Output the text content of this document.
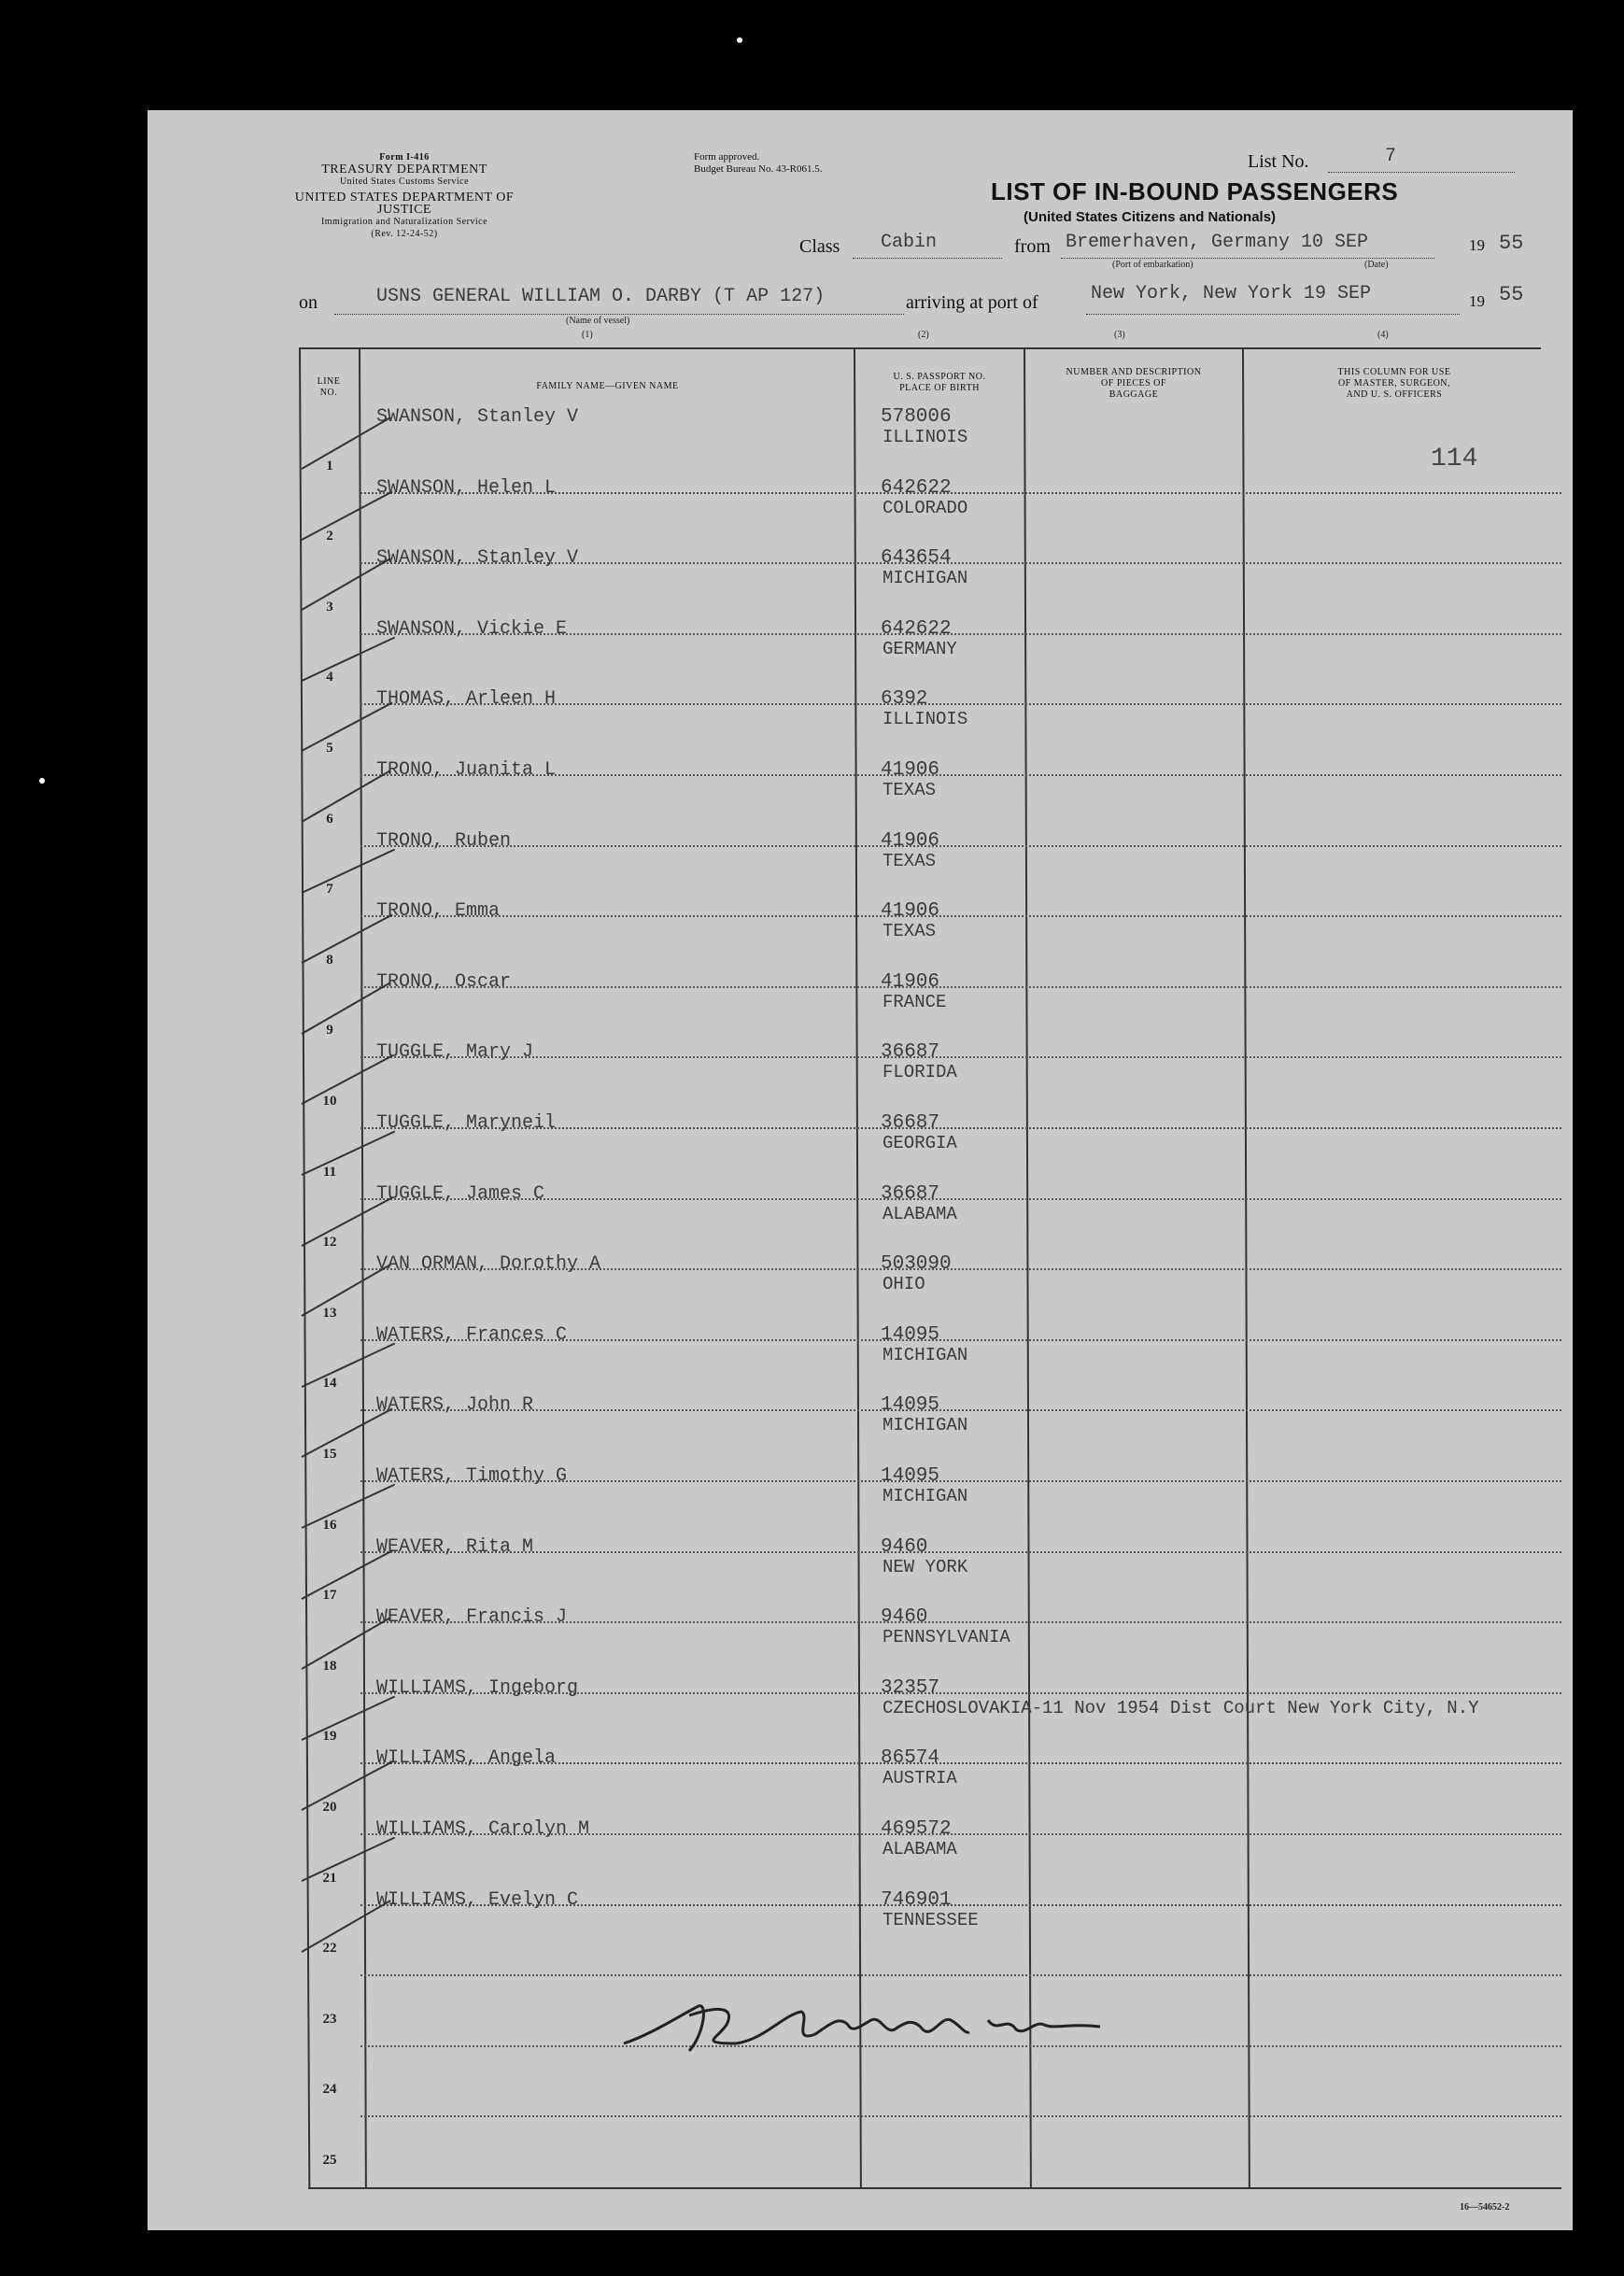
Form I-416
TREASURY DEPARTMENT
United States Customs Service
UNITED STATES DEPARTMENT OF JUSTICE
Immigration and Naturalization Service
(Rev. 12-24-52)
Form approved.
Budget Bureau No. 43-R061.5.	List No.	7
LIST OF IN-BOUND PASSENGERS
(United States Citizens and Nationals)
Class Cabin	from Bremerhaven, Germany 10 SEP	19 55
(Port of embarkation)	(Date)
on	USNS GENERAL WILLIAM O. DARBY (T AP 127)
(Name of vessel)
arriving at port of	New York, New York 19 SEP	19 55
(1)	(2)	(3)	(4)
LINE
NO.
FAMILY NAME—GIVEN NAME
U. S. PASSPORT NO.
PLACE OF BIRTH
NUMBER AND DESCRIPTION
OF PIECES OF
BAGGAGE
THIS COLUMN FOR USE
OF MASTER, SURGEON,
AND U. S. OFFICERS
114
1
SWANSON, Stanley V	578006
ILLINOIS
2
SWANSON, Helen L	642622
COLORADO
3
SWANSON, Stanley V	643654
MICHIGAN
4
SWANSON, Vickie E	642622
GERMANY
5
THOMAS, Arleen H	6392
ILLINOIS
6
TRONO, Juanita L	41906
TEXAS
7
TRONO, Ruben	41906
TEXAS
8
TRONO, Emma	41906
TEXAS
9
TRONO, Oscar	41906
FRANCE
10
TUGGLE, Mary J	36687
FLORIDA
11
TUGGLE, Maryneil	36687
GEORGIA
12
TUGGLE, James C	36687
ALABAMA
13
VAN ORMAN, Dorothy A	503090
OHIO
14
WATERS, Frances C	14095
MICHIGAN
15
WATERS, John R	14095
MICHIGAN
16
WATERS, Timothy G	14095
MICHIGAN
17
WEAVER, Rita M	9460
NEW YORK
18
WEAVER, Francis J	9460
PENNSYLVANIA
19
WILLIAMS, Ingeborg	32357
CZECHOSLOVAKIA-11 Nov 1954 Dist Court New York City, N.Y
20
WILLIAMS, Angela	86574
AUSTRIA
21
WILLIAMS, Carolyn M	469572
ALABAMA
22
WILLIAMS, Evelyn C	746901
TENNESSEE
23
24
25
16—54652-2
